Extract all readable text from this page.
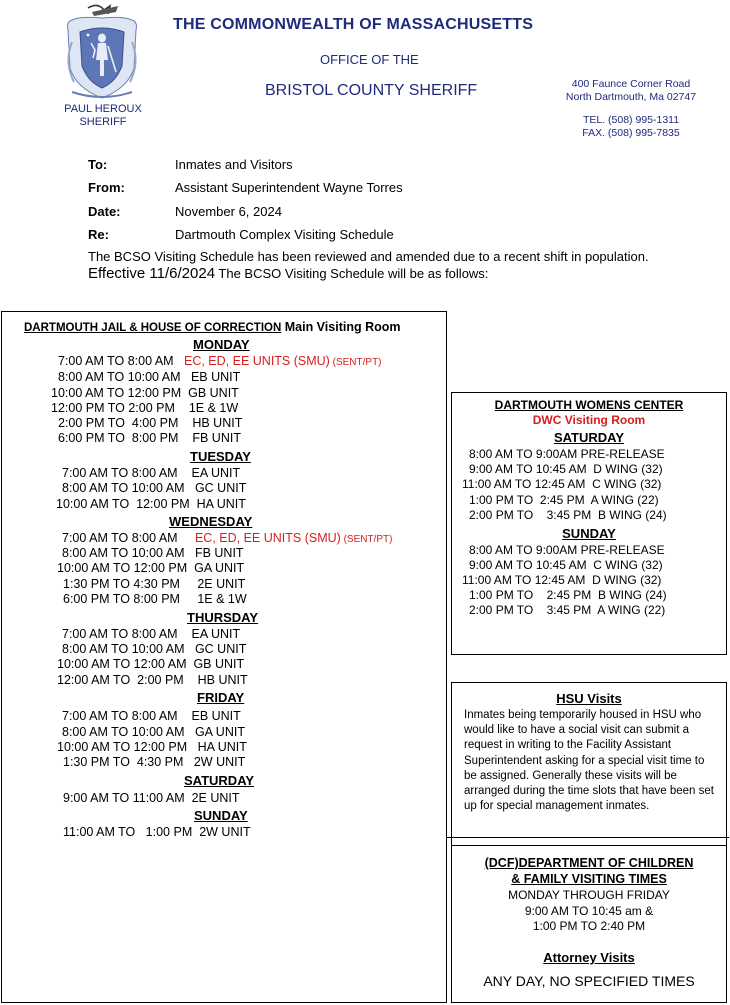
PAUL HEROUX
SHERIFF
THE COMMONWEALTH OF MASSACHUSETTS
OFFICE OF THE
BRISTOL COUNTY SHERIFF	400 Faunce Corner Road
North Dartmouth, Ma 02747
TEL. (508) 995-1311
FAX. (508) 995-7835
To:	Inmates and Visitors
From:	Assistant Superintendent Wayne Torres
Date:	November 6, 2024
Re:	Dartmouth Complex Visiting Schedule
The BCSO Visiting Schedule has been reviewed and amended due to a recent shift in population.
Effective 11/6/2024 The BCSO Visiting Schedule will be as follows:
DARTMOUTH JAIL & HOUSE OF CORRECTION Main Visiting Room
MONDAY
7:00 AM TO 8:00 AM EC, ED, EE UNITS (SMU) (SENT/PT)
8:00 AM TO 10:00 AM EB UNIT
10:00 AM TO 12:00 PM GB UNIT
12:00 PM TO 2:00 PM 1E & 1W
2:00 PM TO  4:00 PM HB UNIT
6:00 PM TO  8:00 PM FB UNIT
TUESDAY
7:00 AM TO 8:00 AM EA UNIT
8:00 AM TO 10:00 AM GC UNIT
10:00 AM TO  12:00 PM HA UNIT
WEDNESDAY
7:00 AM TO 8:00 AM EC, ED, EE UNITS (SMU) (SENT/PT)
8:00 AM TO 10:00 AM FB UNIT
10:00 AM TO 12:00 PM GA UNIT
1:30 PM TO 4:30 PM 2E UNIT
6:00 PM TO 8:00 PM 1E & 1W
THURSDAY
7:00 AM TO 8:00 AM EA UNIT
8:00 AM TO 10:00 AM GC UNIT
10:00 AM TO 12:00 AM GB UNIT
12:00 AM TO  2:00 PM HB UNIT
FRIDAY
7:00 AM TO 8:00 AM EB UNIT
8:00 AM TO 10:00 AM GA UNIT
10:00 AM TO 12:00 PM HA UNIT
1:30 PM TO  4:30 PM 2W UNIT
SATURDAY
9:00 AM TO 11:00 AM 2E UNIT
SUNDAY
11:00 AM TO   1:00 PM 2W UNIT
DARTMOUTH WOMENS CENTER
DWC Visiting Room
SATURDAY
8:00 AM TO 9:00AM PRE-RELEASE
9:00 AM TO 10:45 AM  D WING (32)
11:00 AM TO 12:45 AM  C WING (32)
1:00 PM TO  2:45 PM  A WING (22)
2:00 PM TO    3:45 PM  B WING (24)
SUNDAY
8:00 AM TO 9:00AM PRE-RELEASE
9:00 AM TO 10:45 AM  C WING (32)
11:00 AM TO 12:45 AM  D WING (32)
1:00 PM TO    2:45 PM  B WING (24)
2:00 PM TO    3:45 PM  A WING (22)
HSU Visits
Inmates being temporarily housed in HSU who would like to have a social visit can submit a request in writing to the Facility Assistant Superintendent asking for a special visit time to be assigned. Generally these visits will be arranged during the time slots that have been set up for special management inmates.
(DCF)DEPARTMENT OF CHILDREN
& FAMILY VISITING TIMES
MONDAY THROUGH FRIDAY
9:00 AM TO 10:45 am &
1:00 PM TO 2:40 PM
Attorney Visits
ANY DAY, NO SPECIFIED TIMES
